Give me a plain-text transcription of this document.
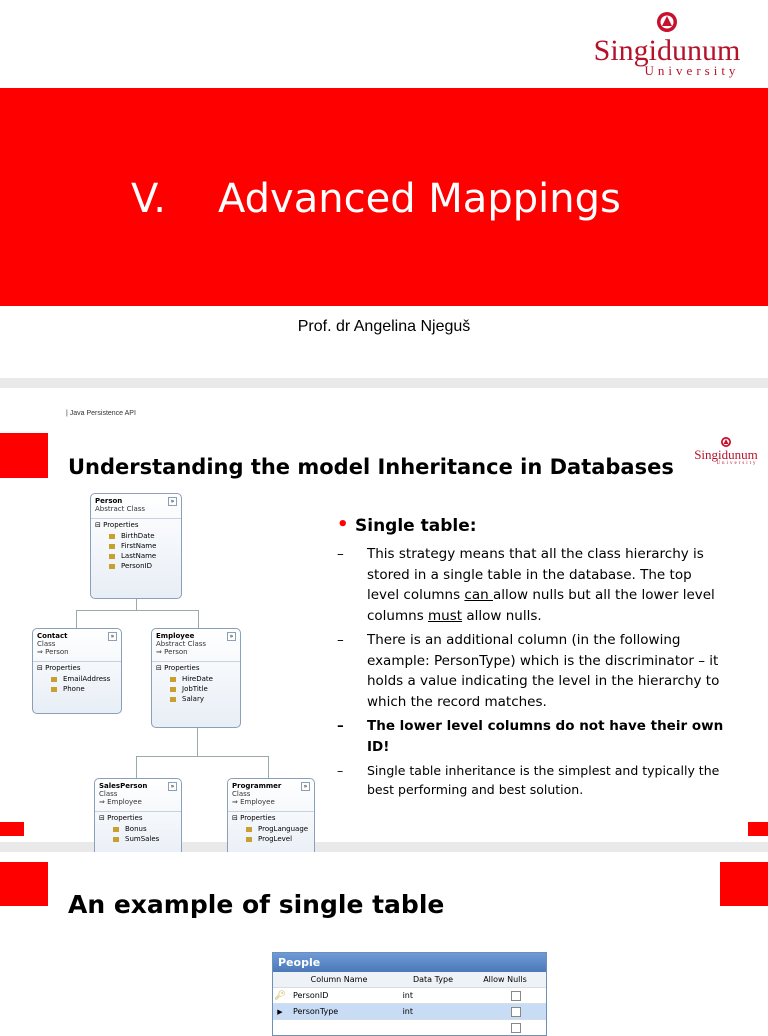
Singidunum
University
V. Advanced Mappings
Prof. dr Angelina Njeguš
| Java Persistence API
Singidunum
University
Understanding the model Inheritance in Databases
»
Person
Abstract Class
⊟ Properties
BirthDate
FirstName
LastName
PersonID
»
Contact
Class
⇒ Person
⊟ Properties
EmailAddress
Phone
»
Employee
Abstract Class
⇒ Person
⊟ Properties
HireDate
JobTitle
Salary
»
SalesPerson
Class
⇒ Employee
⊟ Properties
Bonus
SumSales
»
Programmer
Class
⇒ Employee
⊟ Properties
ProgLanguage
ProgLevel
• Single table:
– This strategy means that all the class hierarchy is stored in a single table in the database. The top level columns can allow nulls but all the lower level columns must allow nulls.
– There is an additional column (in the following example: PersonType) which is the discriminator – it holds a value indicating the level in the hierarchy to which the record matches.
– The lower level columns do not have their own ID!
– Single table inheritance is the simplest and typically the best performing and best solution.
An example of single table
People
Column Name	Data Type	Allow Nulls
🔑︎ PersonID	int
▶	PersonType	int
